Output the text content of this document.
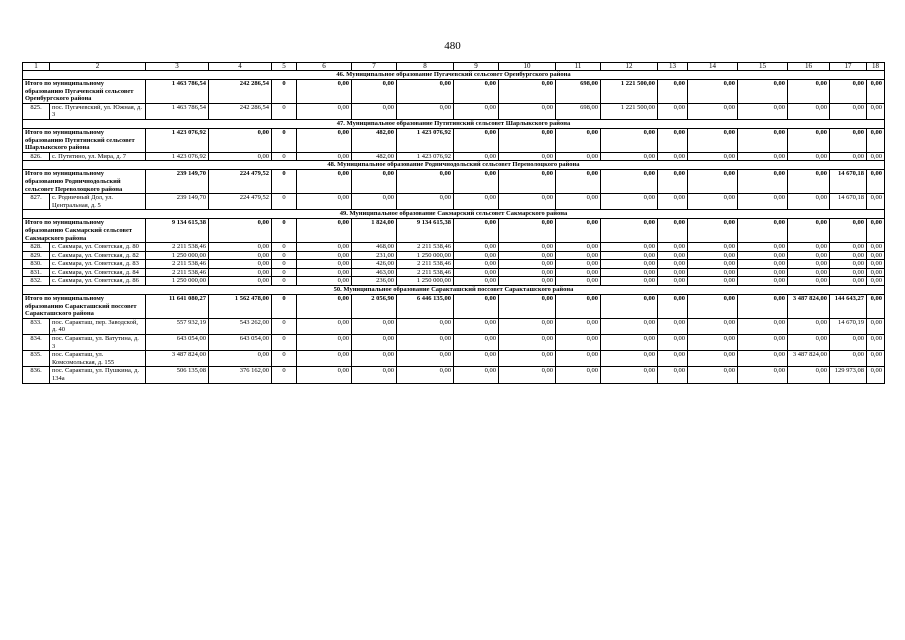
480
1	2	3	4	5	6	7	8	9	10	11	12	13	14	15	16	17	18
46. Муниципальное образование Пугачевский сельсовет Оренбургского района																	
Итого по муниципальному образованию Пугачевский сельсовет Оренбургского района		1 463 786,54	242 286,54	0	0,00	0,00	0,00	0,00	0,00	698,00	1 221 500,00	0,00	0,00	0,00	0,00	0,00	0,00
825.	пос. Пугачевский, ул. Южная, д. 3	1 463 786,54	242 286,54	0	0,00	0,00	0,00	0,00	0,00	698,00	1 221 500,00	0,00	0,00	0,00	0,00	0,00	0,00
47. Муниципальное образование Путятинский сельсовет Шарлыкского района																	
Итого по муниципальному образованию Путятинский сельсовет Шарлыкского района		1 423 076,92	0,00	0	0,00	482,00	1 423 076,92	0,00	0,00	0,00	0,00	0,00	0,00	0,00	0,00	0,00	0,00
826.	с. Путятино, ул. Мира, д. 7	1 423 076,92	0,00	0	0,00	482,00	1 423 076,92	0,00	0,00	0,00	0,00	0,00	0,00	0,00	0,00	0,00	0,00
48. Муниципальное образование Родничнодольский сельсовет Переволоцкого района																	
Итого по муниципальному образованию Родничнодольский сельсовет Переволоцкого района		239 149,70	224 479,52	0	0,00	0,00	0,00	0,00	0,00	0,00	0,00	0,00	0,00	0,00	0,00	14 670,18	0,00
827.	с. Родничный Дол, ул. Центральная, д. 5	239 149,70	224 479,52	0	0,00	0,00	0,00	0,00	0,00	0,00	0,00	0,00	0,00	0,00	0,00	14 670,18	0,00
49. Муниципальное образование Сакмарский сельсовет Сакмарского района																	
Итого по муниципальному образованию Сакмарский сельсовет Сакмарского района		9 134 615,38	0,00	0	0,00	1 824,00	9 134 615,38	0,00	0,00	0,00	0,00	0,00	0,00	0,00	0,00	0,00	0,00
828.	с. Сакмара, ул. Советская, д. 80	2 211 538,46	0,00	0	0,00	468,00	2 211 538,46	0,00	0,00	0,00	0,00	0,00	0,00	0,00	0,00	0,00	0,00
829.	с. Сакмара, ул. Советская, д. 82	1 250 000,00	0,00	0	0,00	231,00	1 250 000,00	0,00	0,00	0,00	0,00	0,00	0,00	0,00	0,00	0,00	0,00
830.	с. Сакмара, ул. Советская, д. 83	2 211 538,46	0,00	0	0,00	426,00	2 211 538,46	0,00	0,00	0,00	0,00	0,00	0,00	0,00	0,00	0,00	0,00
831.	с. Сакмара, ул. Советская, д. 84	2 211 538,46	0,00	0	0,00	463,00	2 211 538,46	0,00	0,00	0,00	0,00	0,00	0,00	0,00	0,00	0,00	0,00
832.	с. Сакмара, ул. Советская, д. 86	1 250 000,00	0,00	0	0,00	236,00	1 250 000,00	0,00	0,00	0,00	0,00	0,00	0,00	0,00	0,00	0,00	0,00
50. Муниципальное образование Саракташский поссовет Саракташского района																	
Итого по муниципальному образованию Саракташский поссовет Саракташского района		11 641 080,27	1 562 478,00	0	0,00	2 056,90	6 446 135,00	0,00	0,00	0,00	0,00	0,00	0,00	0,00	3 487 824,00	144 643,27	0,00
833.	пос. Саракташ, пер. Заводской, д. 40	557 932,19	543 262,00	0	0,00	0,00	0,00	0,00	0,00	0,00	0,00	0,00	0,00	0,00	0,00	14 670,19	0,00
834.	пос. Саракташ, ул. Ватутина, д. 3	643 054,00	643 054,00	0	0,00	0,00	0,00	0,00	0,00	0,00	0,00	0,00	0,00	0,00	0,00	0,00	0,00
835.	пос. Саракташ, ул. Комсомольская, д. 155	3 487 824,00	0,00	0	0,00	0,00	0,00	0,00	0,00	0,00	0,00	0,00	0,00	0,00	3 487 824,00	0,00	0,00
836.	пос. Саракташ, ул. Пушкина, д. 134а	506 135,08	376 162,00	0	0,00	0,00	0,00	0,00	0,00	0,00	0,00	0,00	0,00	0,00	0,00	129 973,08	0,00
